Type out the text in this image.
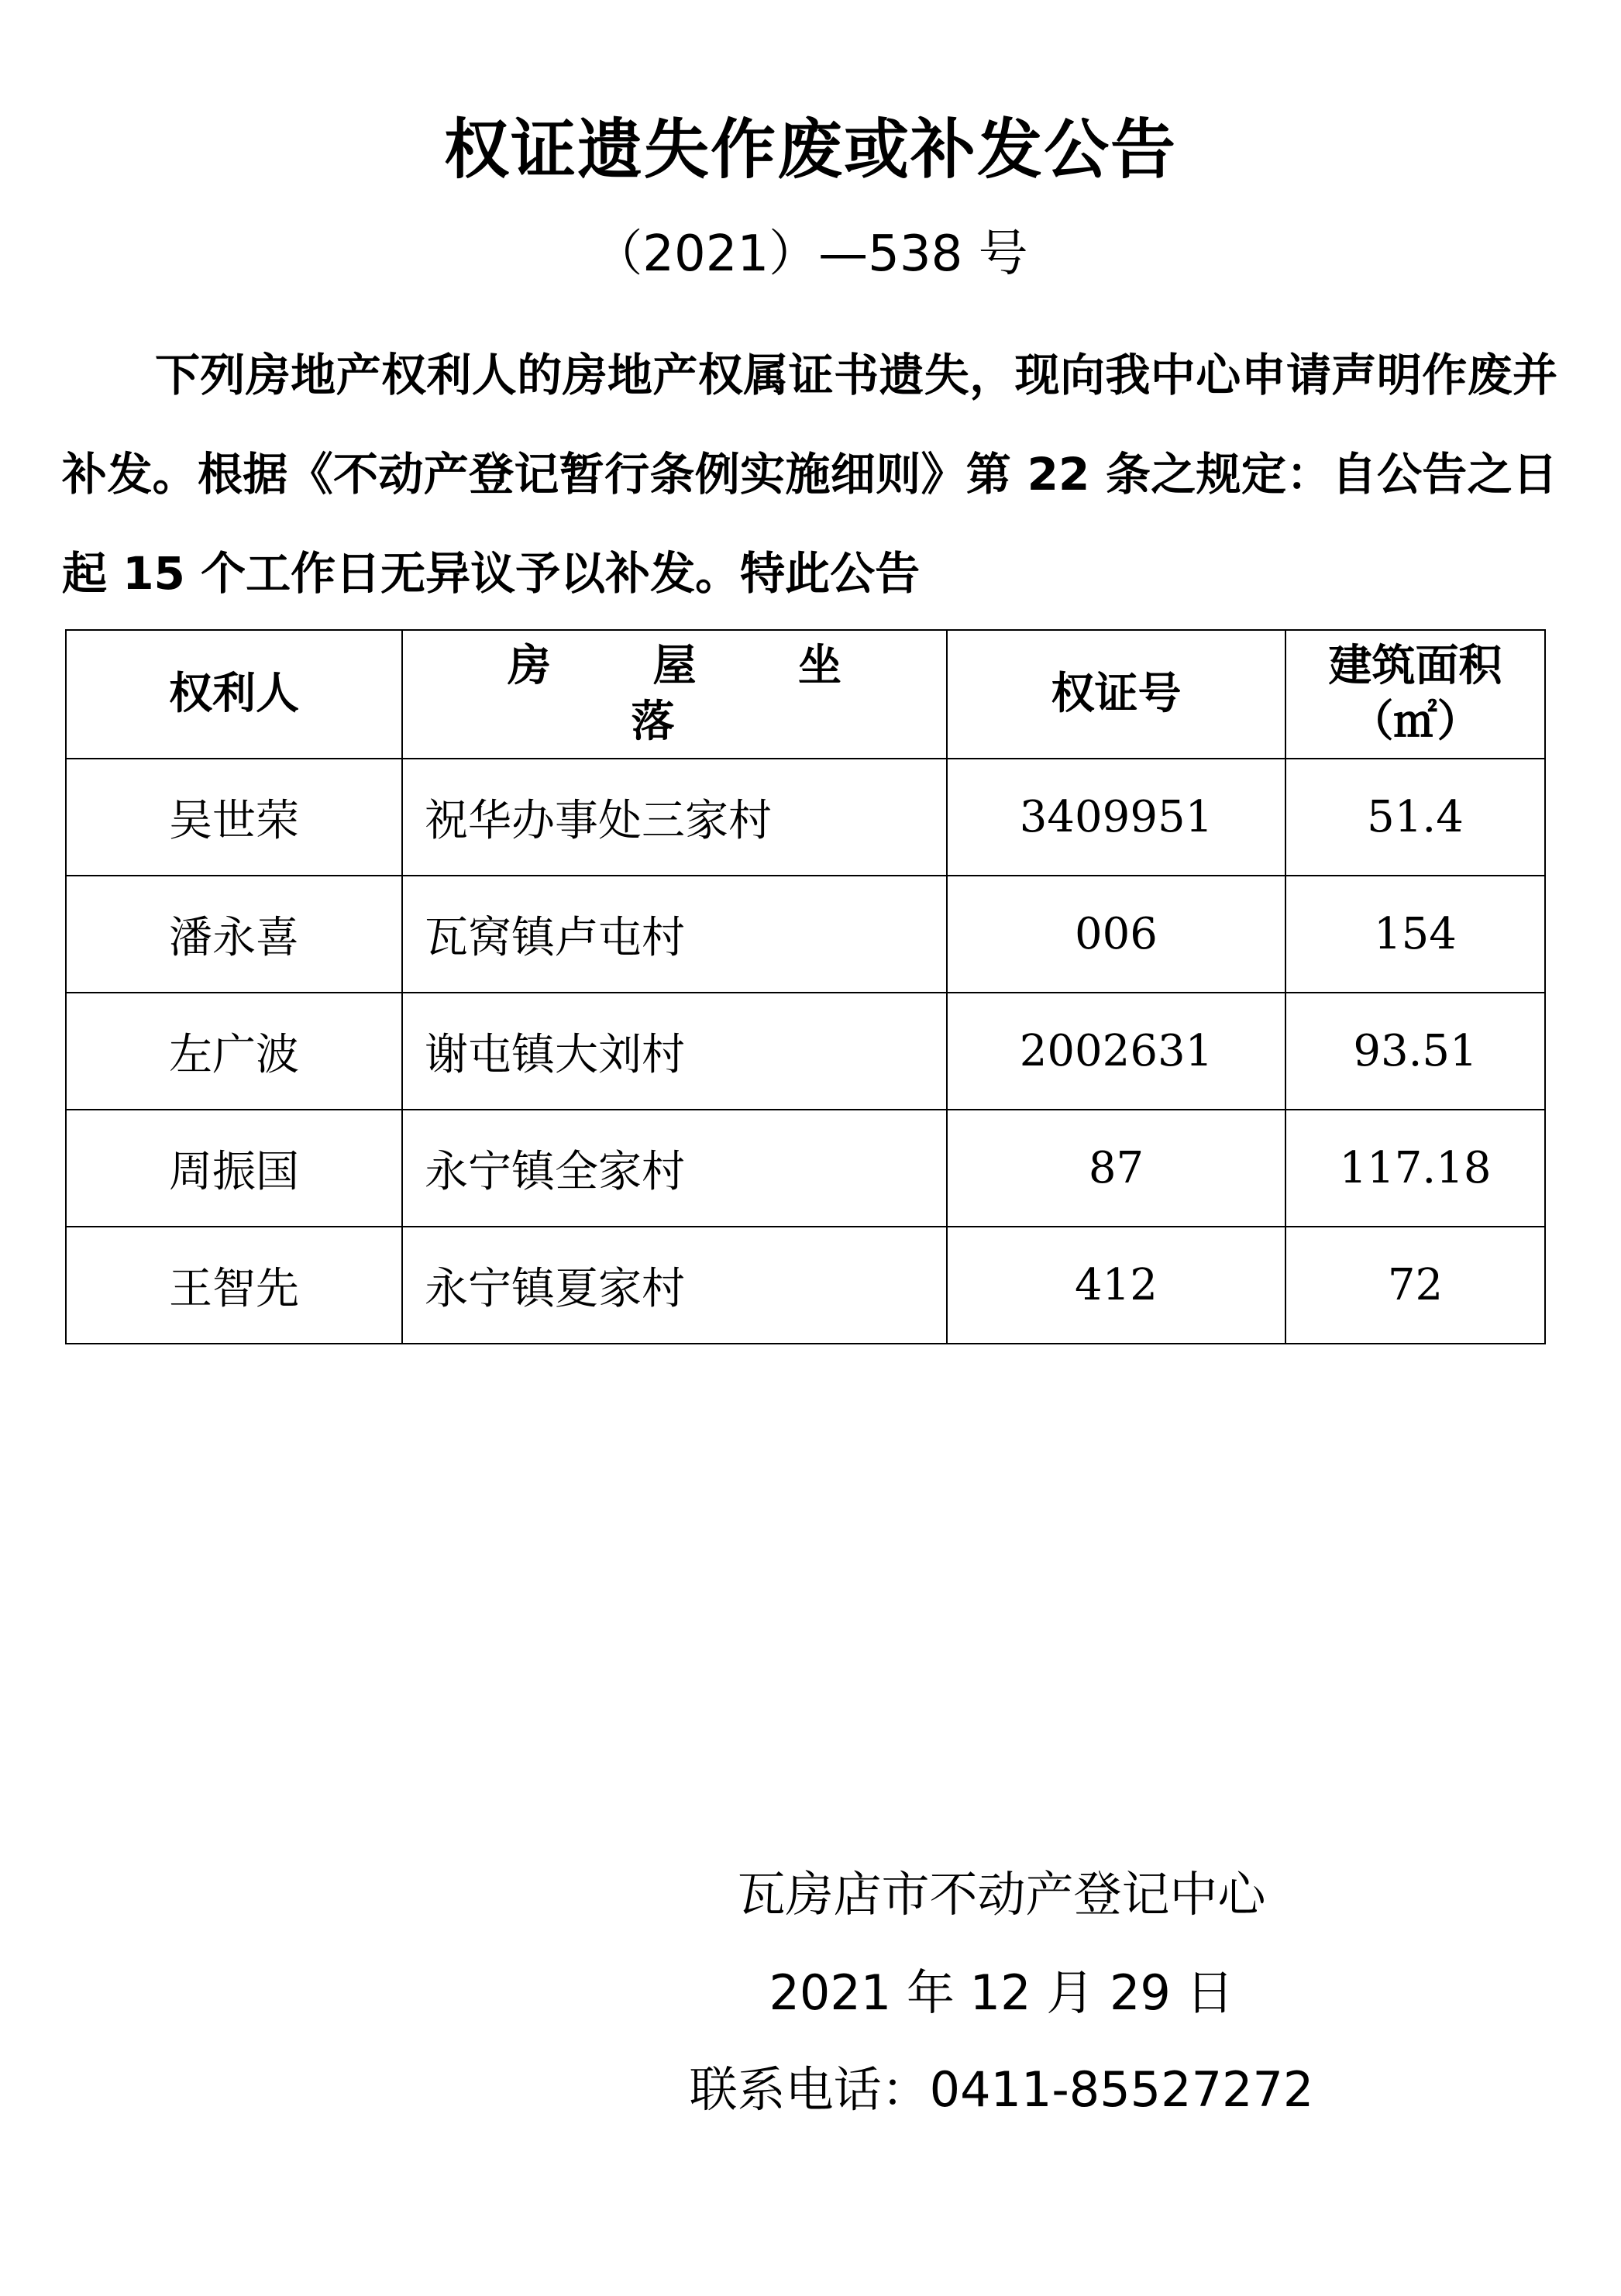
权证遗失作废或补发公告
（2021）—538 号

下列房地产权利人的房地产权属证书遗失，现向我中心申请声明作废并补发。根据《不动产登记暂行条例实施细则》第 22 条之规定：自公告之日起 15 个工作日无异议予以补发。特此公告

权利人	房 屋 坐 落	权证号	建筑面积
（㎡）

吴世荣	祝华办事处三家村	3409951	51.4
潘永喜	瓦窝镇卢屯村	006	154
左广波	谢屯镇大刘村	2002631	93.51
周振国	永宁镇全家村	87	117.18
王智先	永宁镇夏家村	412	72
瓦房店市不动产登记中心
2021 年 12 月 29 日
联系电话：0411-85527272
